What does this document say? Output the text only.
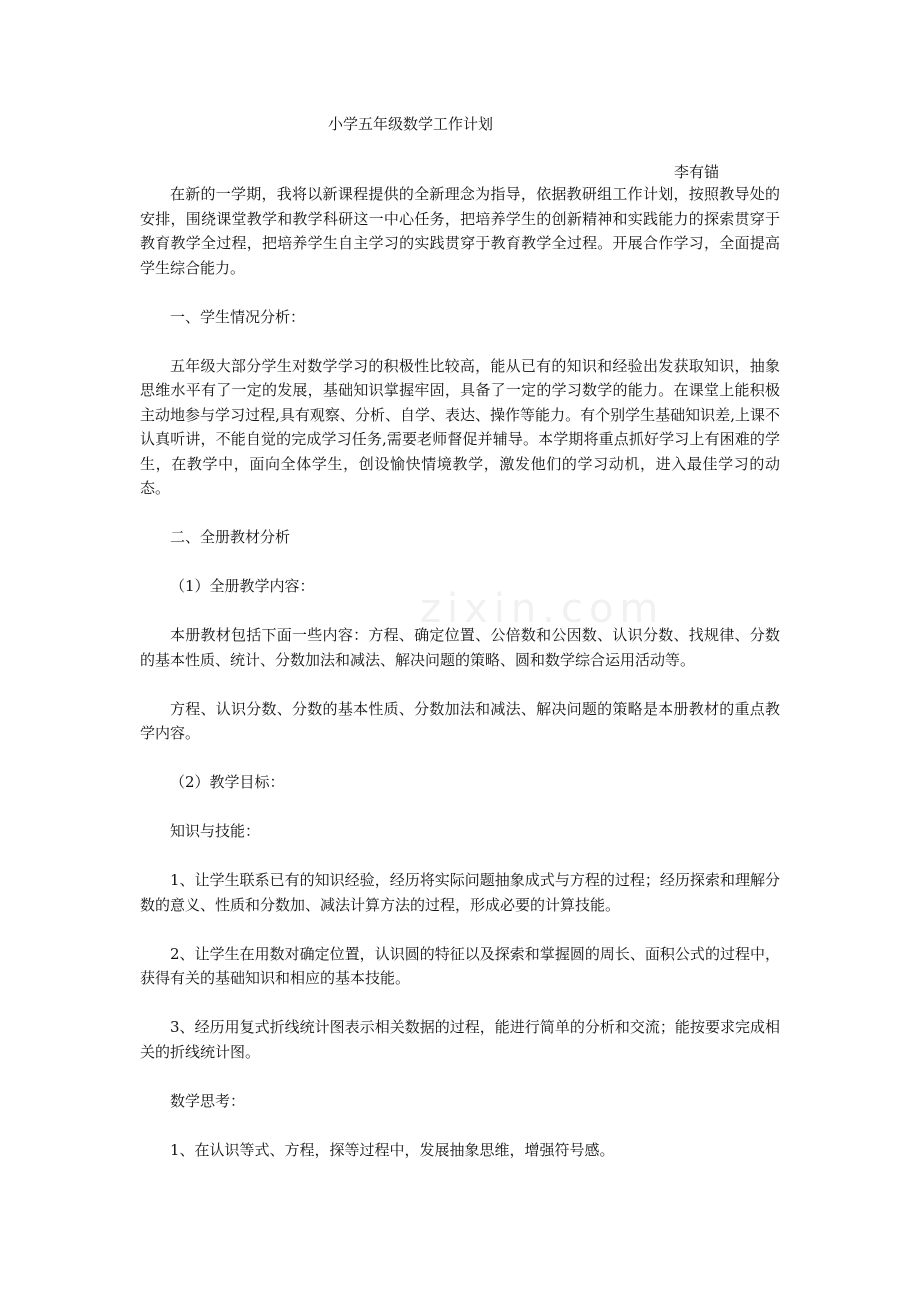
zixin.com
小学五年级数学工作计划
李有锚

在新的一学期，我将以新课程提供的全新理念为指导，依据教研组工作计划，按照教导处的安排，围绕课堂教学和教学科研这一中心任务，把培养学生的创新精神和实践能力的探索贯穿于教育教学全过程，把培养学生自主学习的实践贯穿于教育教学全过程。开展合作学习，全面提高学生综合能力。

一、学生情况分析：

五年级大部分学生对数学学习的积极性比较高，能从已有的知识和经验出发获取知识，抽象思维水平有了一定的发展，基础知识掌握牢固，具备了一定的学习数学的能力。在课堂上能积极主动地参与学习过程,具有观察、分析、自学、表达、操作等能力。有个别学生基础知识差,上课不认真听讲，不能自觉的完成学习任务,需要老师督促并辅导。本学期将重点抓好学习上有困难的学生，在教学中，面向全体学生，创设愉快情境教学，激发他们的学习动机，进入最佳学习的动态。

二、全册教材分析

（1）全册教学内容：

本册教材包括下面一些内容：方程、确定位置、公倍数和公因数、认识分数、找规律、分数的基本性质、统计、分数加法和减法、解决问题的策略、圆和数学综合运用活动等。

方程、认识分数、分数的基本性质、分数加法和减法、解决问题的策略是本册教材的重点教学内容。

（2）教学目标：

知识与技能：

1、让学生联系已有的知识经验，经历将实际问题抽象成式与方程的过程；经历探索和理解分数的意义、性质和分数加、减法计算方法的过程，形成必要的计算技能。

2、让学生在用数对确定位置，认识圆的特征以及探索和掌握圆的周长、面积公式的过程中，获得有关的基础知识和相应的基本技能。

3、经历用复式折线统计图表示相关数据的过程，能进行简单的分析和交流；能按要求完成相关的折线统计图。

数学思考：

1、在认识等式、方程，探等过程中，发展抽象思维，增强符号感。
